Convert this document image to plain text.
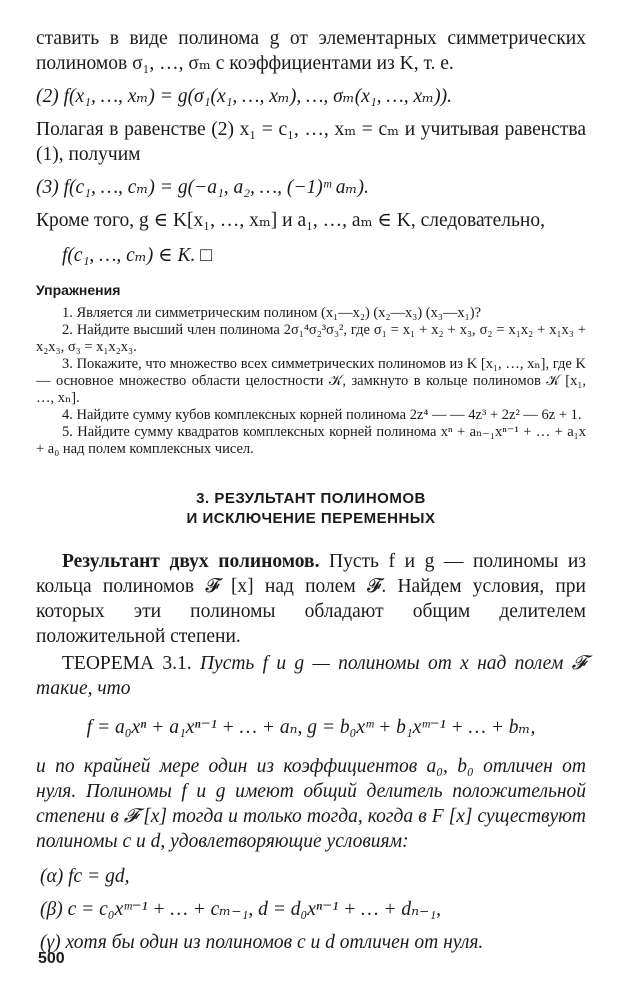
ставить в виде полинома g от элементарных симметрических полиномов σ₁, …, σₘ с коэффициентами из K, т. е.

(2) f(x₁, …, xₘ) = g(σ₁(x₁, …, xₘ), …, σₘ(x₁, …, xₘ)).

Полагая в равенстве (2) x₁ = c₁, …, xₘ = cₘ и учитывая равенства (1), получим

(3) f(c₁, …, cₘ) = g(−a₁, a₂, …, (−1)ᵐ aₘ).

Кроме того, g ∈ K[x₁, …, xₘ] и a₁, …, aₘ ∈ K, следовательно,

f(c₁, …, cₘ) ∈ K. □

Упражнения

1. Является ли симметрическим полином (x₁—x₂) (x₂—x₃) (x₃—x₁)?

2. Найдите высший член полинома 2σ₁⁴σ₂³σ₃², где σ₁ = x₁ + x₂ + x₃, σ₂ = x₁x₂ + x₁x₃ + x₂x₃, σ₃ = x₁x₂x₃.

3. Покажите, что множество всех симметрических полиномов из K [x₁, …, xₙ], где K — основное множество области целостности 𝒦, замкнуто в кольце полиномов 𝒦 [x₁, …, xₙ].

4. Найдите сумму кубов комплексных корней полинома 2z⁴ — — 4z³ + 2z² — 6z + 1.

5. Найдите сумму квадратов комплексных корней полинома xⁿ + aₙ₋₁xⁿ⁻¹ + … + a₁x + a₀ над полем комплексных чисел.

3. РЕЗУЛЬТАНТ ПОЛИНОМОВ

И ИСКЛЮЧЕНИЕ ПЕРЕМЕННЫХ

Результант двух полиномов. Пусть f и g — полиномы из кольца полиномов 𝓕 [x] над полем 𝓕. Найдем условия, при которых эти полиномы обладают общим делителем положительной степени.

ТЕОРЕМА 3.1. Пусть f и g — полиномы от x над полем 𝓕 такие, что

f = a₀xⁿ + a₁xⁿ⁻¹ + … + aₙ, g = b₀xᵐ + b₁xᵐ⁻¹ + … + bₘ,

и по крайней мере один из коэффициентов a₀, b₀ отличен от нуля. Полиномы f и g имеют общий делитель положительной степени в 𝓕 [x] тогда и только тогда, когда в F [x] существуют полиномы c и d, удовлетворяющие условиям:

(α) fc = gd,

(β) c = c₀xᵐ⁻¹ + … + cₘ₋₁, d = d₀xⁿ⁻¹ + … + dₙ₋₁,

(γ) хотя бы один из полиномов c и d отличен от нуля.

500
